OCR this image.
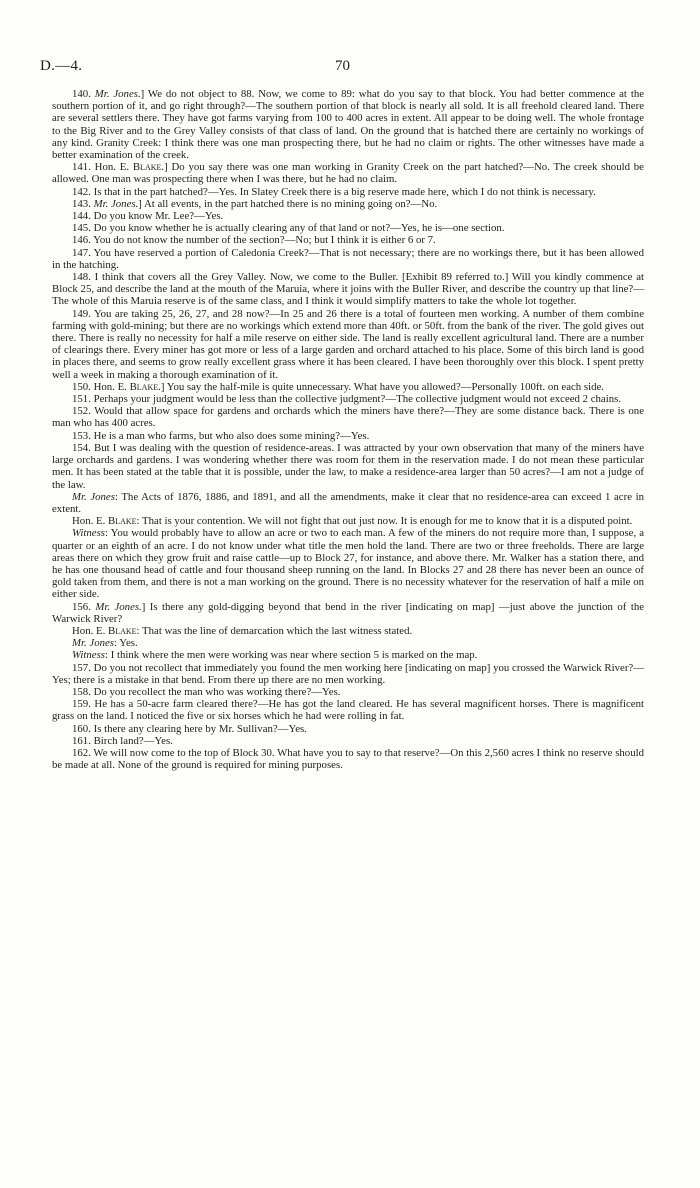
D.—4.	70

140. Mr. Jones.] We do not object to 88. Now, we come to 89: what do you say to that block. You had better commence at the southern portion of it, and go right through?—The southern portion of that block is nearly all sold. It is all freehold cleared land. There are several settlers there. They have got farms varying from 100 to 400 acres in extent. All appear to be doing well. The whole frontage to the Big River and to the Grey Valley consists of that class of land. On the ground that is hatched there are certainly no workings of any kind. Granity Creek: I think there was one man prospecting there, but he had no claim or rights. The other witnesses have made a better examination of the creek.

141. Hon. E. Blake.] Do you say there was one man working in Granity Creek on the part hatched?—No. The creek should be allowed. One man was prospecting there when I was there, but he had no claim.

142. Is that in the part hatched?—Yes. In Slatey Creek there is a big reserve made here, which I do not think is necessary.

143. Mr. Jones.] At all events, in the part hatched there is no mining going on?—No.

144. Do you know Mr. Lee?—Yes.

145. Do you know whether he is actually clearing any of that land or not?—Yes, he is—one section.

146. You do not know the number of the section?—No; but I think it is either 6 or 7.

147. You have reserved a portion of Caledonia Creek?—That is not necessary; there are no workings there, but it has been allowed in the hatching.

148. I think that covers all the Grey Valley. Now, we come to the Buller. [Exhibit 89 referred to.] Will you kindly commence at Block 25, and describe the land at the mouth of the Maruia, where it joins with the Buller River, and describe the country up that line?—The whole of this Maruia reserve is of the same class, and I think it would simplify matters to take the whole lot together.

149. You are taking 25, 26, 27, and 28 now?—In 25 and 26 there is a total of fourteen men working. A number of them combine farming with gold-mining; but there are no workings which extend more than 40ft. or 50ft. from the bank of the river. The gold gives out there. There is really no necessity for half a mile reserve on either side. The land is really excellent agricultural land. There are a number of clearings there. Every miner has got more or less of a large garden and orchard attached to his place. Some of this birch land is good in places there, and seems to grow really excellent grass where it has been cleared. I have been thoroughly over this block. I spent pretty well a week in making a thorough examination of it.

150. Hon. E. Blake.] You say the half-mile is quite unnecessary. What have you allowed?—Personally 100ft. on each side.

151. Perhaps your judgment would be less than the collective judgment?—The collective judgment would not exceed 2 chains.

152. Would that allow space for gardens and orchards which the miners have there?—They are some distance back. There is one man who has 400 acres.

153. He is a man who farms, but who also does some mining?—Yes.

154. But I was dealing with the question of residence-areas. I was attracted by your own observation that many of the miners have large orchards and gardens. I was wondering whether there was room for them in the reservation made. I do not mean these particular men. It has been stated at the table that it is possible, under the law, to make a residence-area larger than 50 acres?—I am not a judge of the law.

Mr. Jones: The Acts of 1876, 1886, and 1891, and all the amendments, make it clear that no residence-area can exceed 1 acre in extent.

Hon. E. Blake: That is your contention. We will not fight that out just now. It is enough for me to know that it is a disputed point.

Witness: You would probably have to allow an acre or two to each man. A few of the miners do not require more than, I suppose, a quarter or an eighth of an acre. I do not know under what title the men hold the land. There are two or three freeholds. There are large areas there on which they grow fruit and raise cattle—up to Block 27, for instance, and above there. Mr. Walker has a station there, and he has one thousand head of cattle and four thousand sheep running on the land. In Blocks 27 and 28 there has never been an ounce of gold taken from them, and there is not a man working on the ground. There is no necessity whatever for the reservation of half a mile on either side.

156. Mr. Jones.] Is there any gold-digging beyond that bend in the river [indicating on map] —just above the junction of the Warwick River?

Hon. E. Blake: That was the line of demarcation which the last witness stated.

Mr. Jones: Yes.

Witness: I think where the men were working was near where section 5 is marked on the map.

157. Do you not recollect that immediately you found the men working here [indicating on map] you crossed the Warwick River?—Yes; there is a mistake in that bend. From there up there are no men working.

158. Do you recollect the man who was working there?—Yes.

159. He has a 50-acre farm cleared there?—He has got the land cleared. He has several magnificent horses. There is magnificent grass on the land. I noticed the five or six horses which he had were rolling in fat.

160. Is there any clearing here by Mr. Sullivan?—Yes.

161. Birch land?—Yes.

162. We will now come to the top of Block 30. What have you to say to that reserve?—On this 2,560 acres I think no reserve should be made at all. None of the ground is required for mining purposes.
